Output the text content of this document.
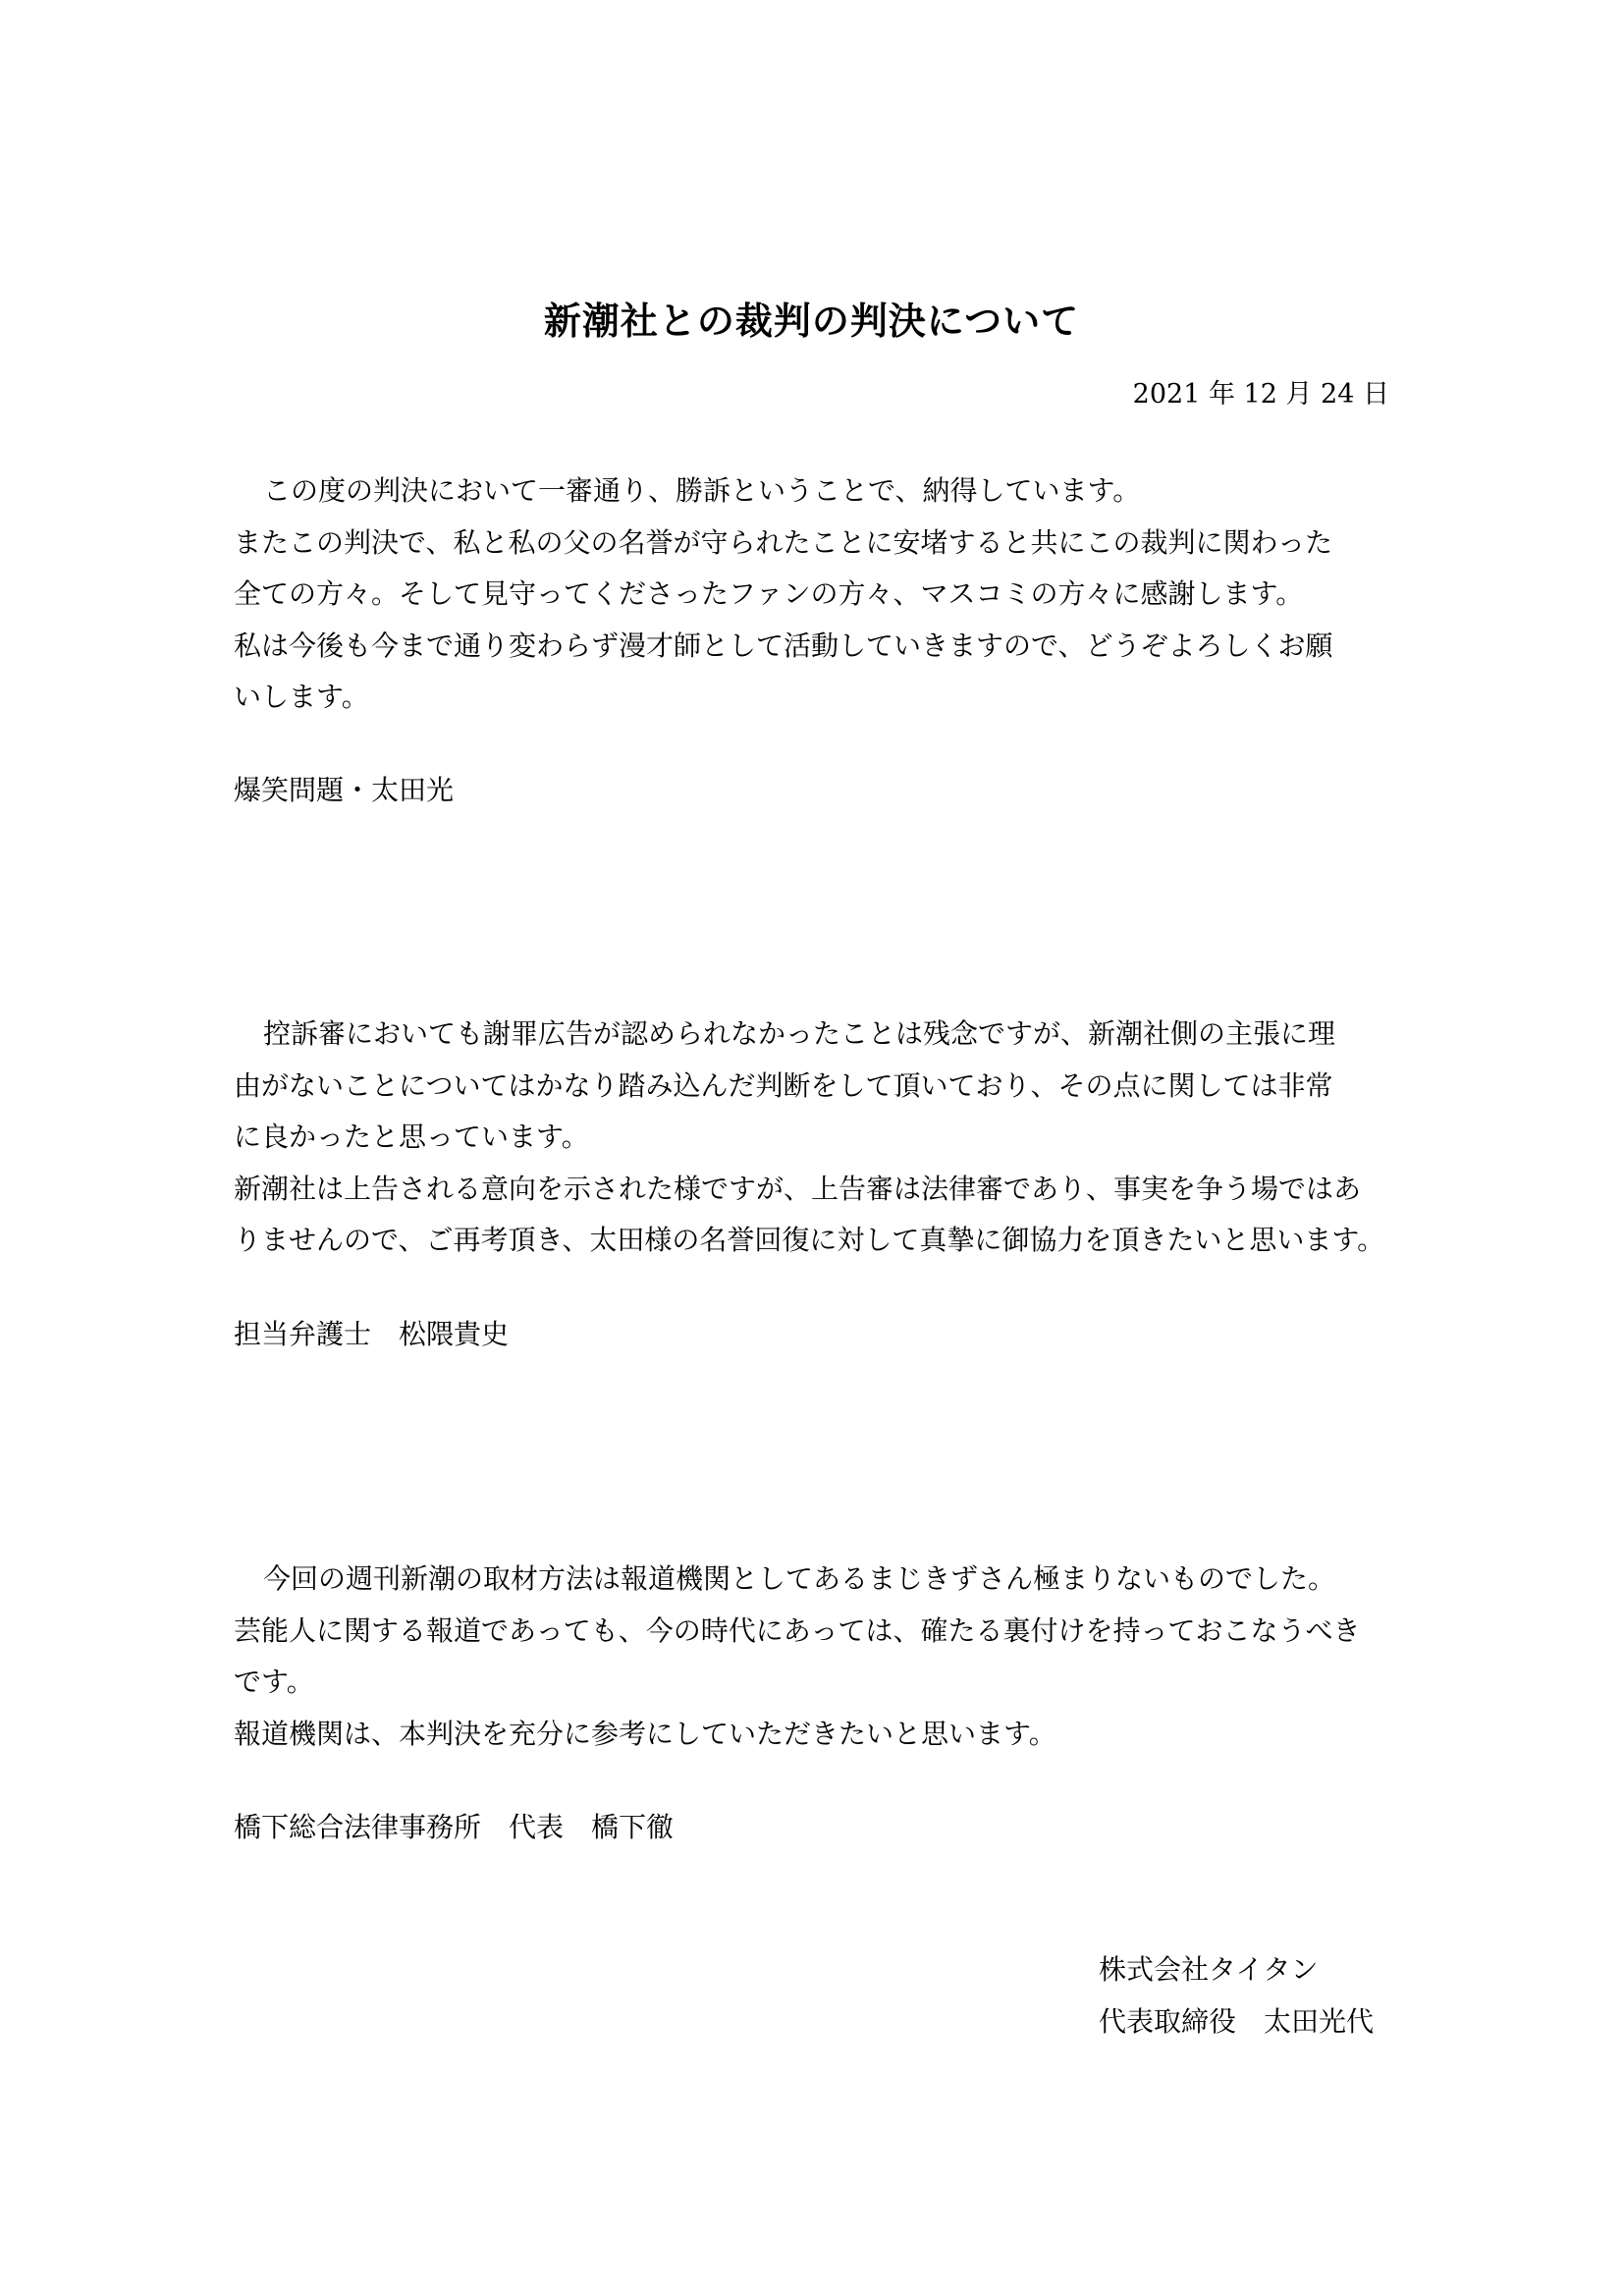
新潮社との裁判の判決について
2021 年 12 月 24 日
この度の判決において一審通り、勝訴ということで、納得しています。
またこの判決で、私と私の父の名誉が守られたことに安堵すると共にこの裁判に関わった
全ての方々。そして見守ってくださったファンの方々、マスコミの方々に感謝します。
私は今後も今まで通り変わらず漫才師として活動していきますので、どうぞよろしくお願
いします。
爆笑問題・太田光
控訴審においても謝罪広告が認められなかったことは残念ですが、新潮社側の主張に理
由がないことについてはかなり踏み込んだ判断をして頂いており、その点に関しては非常
に良かったと思っています。
新潮社は上告される意向を示された様ですが、上告審は法律審であり、事実を争う場ではあ
りませんので、ご再考頂き、太田様の名誉回復に対して真摯に御協力を頂きたいと思います。
担当弁護士　松隈貴史
今回の週刊新潮の取材方法は報道機関としてあるまじきずさん極まりないものでした。
芸能人に関する報道であっても、今の時代にあっては、確たる裏付けを持っておこなうべき
です。
報道機関は、本判決を充分に参考にしていただきたいと思います。
橋下総合法律事務所　代表　橋下徹
株式会社タイタン
代表取締役　太田光代
